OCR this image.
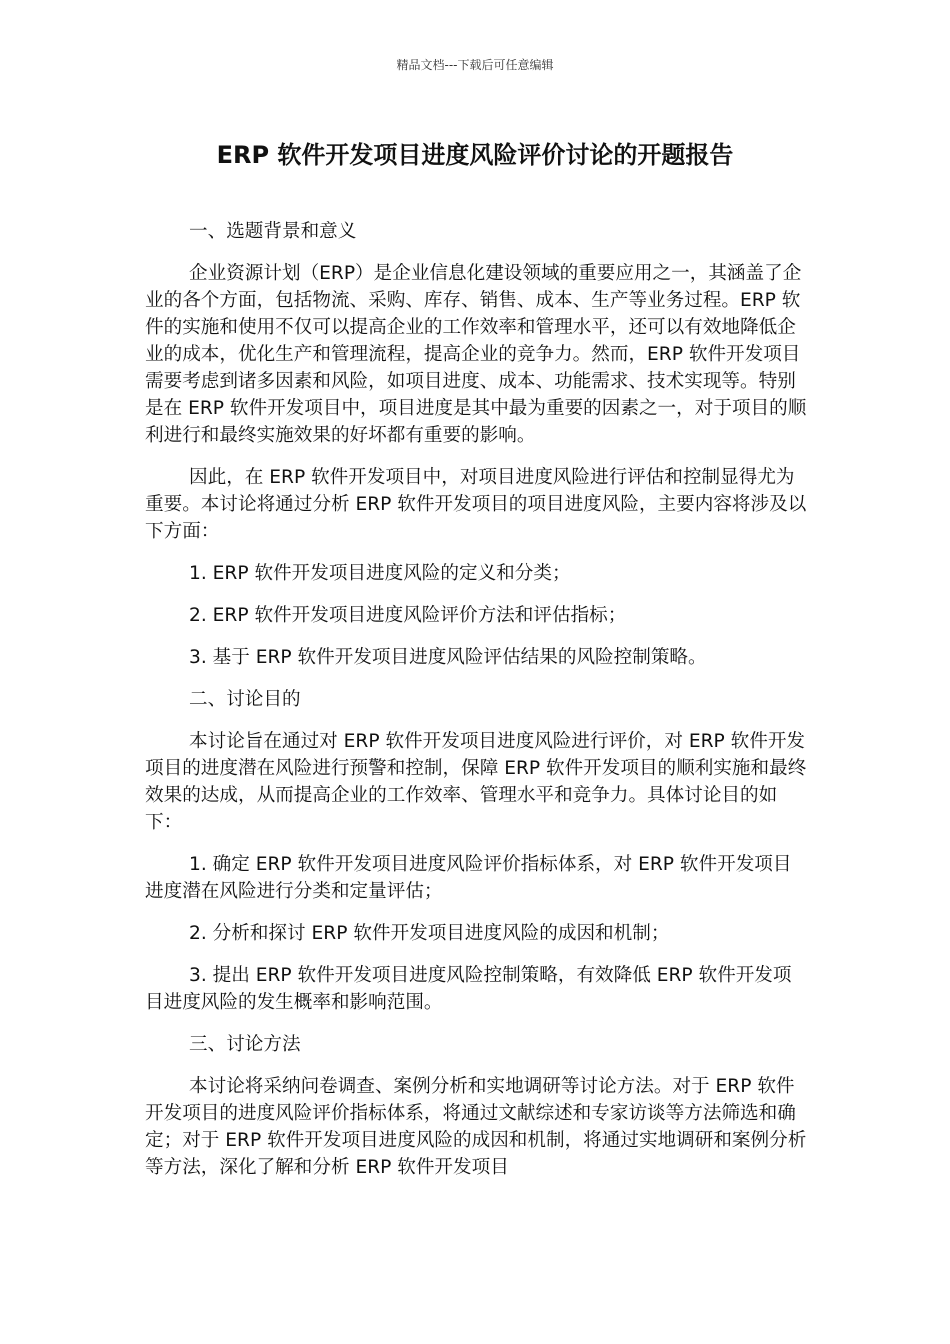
精品文档---下载后可任意编辑
ERP 软件开发项目进度风险评价讨论的开题报告

一、选题背景和意义

企业资源计划（ERP）是企业信息化建设领域的重要应用之一，其涵盖了企业的各个方面，包括物流、采购、库存、销售、成本、生产等业务过程。ERP 软件的实施和使用不仅可以提高企业的工作效率和管理水平，还可以有效地降低企业的成本，优化生产和管理流程，提高企业的竞争力。然而，ERP 软件开发项目需要考虑到诸多因素和风险，如项目进度、成本、功能需求、技术实现等。特别是在 ERP 软件开发项目中，项目进度是其中最为重要的因素之一，对于项目的顺利进行和最终实施效果的好坏都有重要的影响。

因此，在 ERP 软件开发项目中，对项目进度风险进行评估和控制显得尤为重要。本讨论将通过分析 ERP 软件开发项目的项目进度风险，主要内容将涉及以下方面：

1. ERP 软件开发项目进度风险的定义和分类；

2. ERP 软件开发项目进度风险评价方法和评估指标；

3. 基于 ERP 软件开发项目进度风险评估结果的风险控制策略。

二、讨论目的

本讨论旨在通过对 ERP 软件开发项目进度风险进行评价，对 ERP 软件开发项目的进度潜在风险进行预警和控制，保障 ERP 软件开发项目的顺利实施和最终效果的达成，从而提高企业的工作效率、管理水平和竞争力。具体讨论目的如下：

1. 确定 ERP 软件开发项目进度风险评价指标体系，对 ERP 软件开发项目进度潜在风险进行分类和定量评估；

2. 分析和探讨 ERP 软件开发项目进度风险的成因和机制；

3. 提出 ERP 软件开发项目进度风险控制策略，有效降低 ERP 软件开发项目进度风险的发生概率和影响范围。

三、讨论方法

本讨论将采纳问卷调查、案例分析和实地调研等讨论方法。对于 ERP 软件开发项目的进度风险评价指标体系，将通过文献综述和专家访谈等方法筛选和确定；对于 ERP 软件开发项目进度风险的成因和机制，将通过实地调研和案例分析等方法，深化了解和分析 ERP 软件开发项目
